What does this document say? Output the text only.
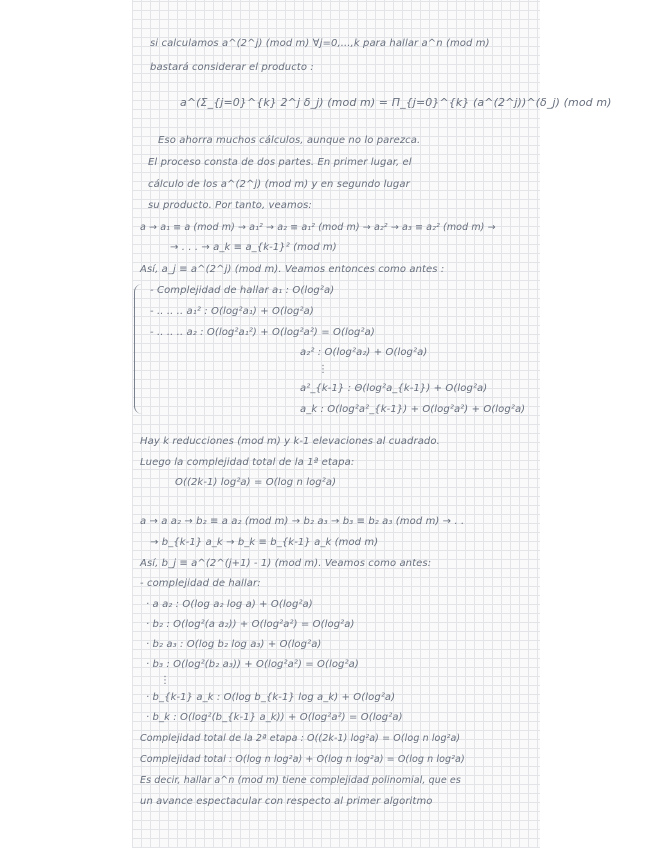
si calculamos a^(2^j) (mod m) ∀j=0,...,k para hallar a^n (mod m)
bastará considerar el producto :
a^(Σ_{j=0}^{k} 2^j δ_j) (mod m) = Π_{j=0}^{k} (a^(2^j))^(δ_j) (mod m)
Eso ahorra muchos cálculos, aunque no lo parezca.
El proceso consta de dos partes. En primer lugar, el
cálculo de los a^(2^j) (mod m) y en segundo lugar
su producto. Por tanto, veamos:
a → a₁ ≡ a (mod m) → a₁² → a₂ ≡ a₁² (mod m) → a₂² → a₃ ≡ a₂² (mod m) →
→ . . . → a_k ≡ a_{k-1}² (mod m)
Así, a_j ≡ a^(2^j) (mod m). Veamos entonces como antes :
- Complejidad de hallar a₁ : O(log²a)
- .. .. .. a₁² : O(log²a₁) + O(log²a)
- .. .. .. a₂ : O(log²a₁²) + O(log²a²) = O(log²a)
a₂² : O(log²a₂) + O(log²a)
⋮
a²_{k-1} : Θ(log²a_{k-1}) + O(log²a)
a_k : O(log²a²_{k-1}) + O(log²a²) + O(log²a)
Hay k reducciones (mod m) y k-1 elevaciones al cuadrado.
Luego la complejidad total de la 1ª etapa:
O((2k-1) log²a) = O(log n log²a)
a → a a₂ → b₂ ≡ a a₂ (mod m) → b₂ a₃ → b₃ ≡ b₂ a₃ (mod m) → . .
→ b_{k-1} a_k → b_k ≡ b_{k-1} a_k (mod m)
Así, b_j ≡ a^(2^(j+1) - 1) (mod m). Veamos como antes:
- complejidad de hallar:
· a a₂ : O(log a₂ log a) + O(log²a)
· b₂ : O(log²(a a₂)) + O(log²a²) = O(log²a)
· b₂ a₃ : O(log b₂ log a₃) + O(log²a)
· b₃ : O(log²(b₂ a₃)) + O(log²a²) = O(log²a)
⋮
· b_{k-1} a_k : O(log b_{k-1} log a_k) + O(log²a)
· b_k : O(log²(b_{k-1} a_k)) + O(log²a²) = O(log²a)
Complejidad total de la 2ª etapa : O((2k-1) log²a) = O(log n log²a)
Complejidad total : O(log n log²a) + O(log n log²a) = O(log n log²a)
Es decir, hallar a^n (mod m) tiene complejidad polinomial, que es
un avance espectacular con respecto al primer algoritmo
